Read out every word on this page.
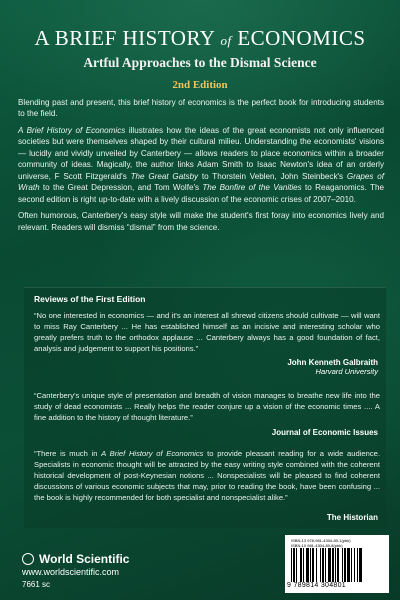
A BRIEF HISTORY of ECONOMICS
Artful Approaches to the Dismal Science
2nd Edition

Blending past and present, this brief history of economics is the perfect book for introducing students to the field.

A Brief History of Economics illustrates how the ideas of the great economists not only influenced societies but were themselves shaped by their cultural milieu. Understanding the economists' visions — lucidly and vividly unveiled by Canterbery — allows readers to place economics within a broader community of ideas. Magically, the author links Adam Smith to Isaac Newton's idea of an orderly universe, F Scott Fitzgerald's The Great Gatsby to Thorstein Veblen, John Steinbeck's Grapes of Wrath to the Great Depression, and Tom Wolfe's The Bonfire of the Vanities to Reaganomics. The second edition is right up-to-date with a lively discussion of the economic crises of 2007–2010.

Often humorous, Canterbery's easy style will make the student's first foray into economics lively and relevant. Readers will dismiss “dismal” from the science.

Reviews of the First Edition
“No one interested in economics — and it's an interest all shrewd citizens should cultivate — will want to miss Ray Canterbery ... He has established himself as an incisive and interesting scholar who greatly prefers truth to the orthodox applause ... Canterbery always has a good foundation of fact, analysis and judgement to support his positions.”
John Kenneth Galbraith
Harvard University
“Canterbery's unique style of presentation and breadth of vision manages to breathe new life into the study of dead economists ... Really helps the reader conjure up a vision of the economic times .... A fine addition to the history of thought literature.”
Journal of Economic Issues
“There is much in A Brief History of Economics to provide pleasant reading for a wide audience. Specialists in economic thought will be attracted by the easy writing style combined with the coherent historical development of post-Keynesian notions ... Nonspecialists will be pleased to find coherent discussions of various economic subjects that may, prior to reading the book, have been confusing ... the book is highly recommended for both specialist and nonspecialist alike.”
The Historian
World Scientific
www.worldscientific.com
7661 sc
ISBN-13 978-981-4304-80-1(pbk)
ISBN-10 981-4304-80-8(pbk)
9 789814 304801
